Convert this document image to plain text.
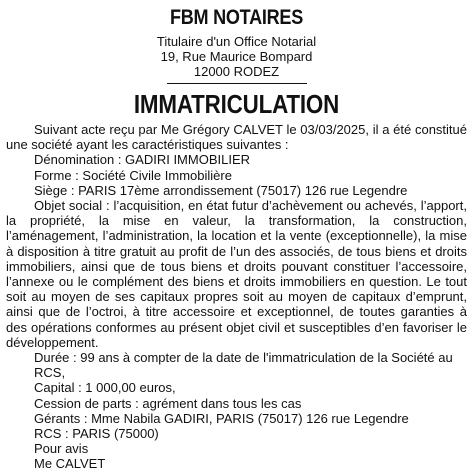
FBM NOTAIRES
Titulaire d'un Office Notarial
19, Rue Maurice Bompard
12000 RODEZ
IMMATRICULATION

Suivant acte reçu par Me Grégory CALVET le 03/03/2025, il a été constitué une société ayant les caractéristiques suivantes :

Dénomination : GADIRI IMMOBILIER

Forme : Société Civile Immobilière

Siège : PARIS 17ème arrondissement (75017) 126 rue Legendre

Objet social : l’acquisition, en état futur d’achèvement ou achevés, l’apport, la propriété, la mise en valeur, la transformation, la construction, l’aménagement, l’administration, la location et la vente (exceptionnelle), la mise à disposition à titre gratuit au profit de l’un des associés, de tous biens et droits immobiliers, ainsi que de tous biens et droits pouvant constituer l’accessoire, l’annexe ou le complément des biens et droits immobiliers en question. Le tout soit au moyen de ses capitaux propres soit au moyen de capitaux d’emprunt, ainsi que de l’octroi, à titre accessoire et exceptionnel, de toutes garanties à des opérations conformes au présent objet civil et susceptibles d’en favoriser le développement.

Durée : 99 ans à compter de la date de l'immatriculation de la Société au RCS,

Capital : 1 000,00 euros,

Cession de parts : agrément dans tous les cas

Gérants : Mme Nabila GADIRI, PARIS (75017) 126 rue Legendre

RCS : PARIS (75000)

Pour avis

Me CALVET
